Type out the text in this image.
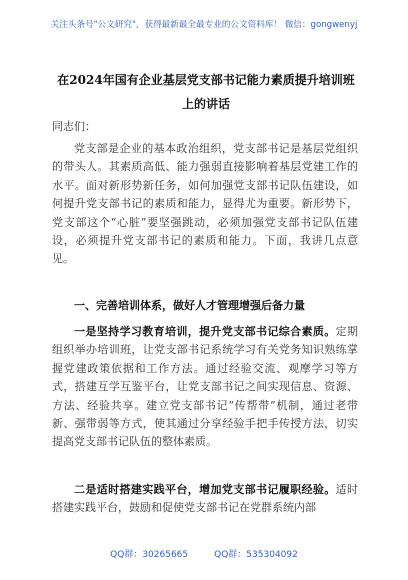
关注头条号"公文研究"，获得最新最全最专业的公文资料库！ 微信：gongwenyj
在2024年国有企业基层党支部书记能力素质提升培训班上的讲话
同志们：
党支部是企业的基本政治组织，党支部书记是基层党组织的带头人。其素质高低、能力强弱直接影响着基层党建工作的水平。面对新形势新任务，如何加强党支部书记队伍建设，如何提升党支部书记的素质和能力，显得尤为重要。新形势下，党支部这个“心脏”要坚强跳动，必须加强党支部书记队伍建设，必须提升党支部书记的素质和能力。下面，我讲几点意见。
一、完善培训体系，做好人才管理增强后备力量
一是坚持学习教育培训，提升党支部书记综合素质。定期组织举办培训班，让党支部书记系统学习有关党务知识熟练掌握党建政策依据和工作方法。通过经验交流、观摩学习等方式，搭建互学互鉴平台，让党支部书记之间实现信息、资源、方法、经验共享。建立党支部书记“传帮带”机制，通过老带新、强带弱等方式，使其通过分享经验手把手传授方法，切实提高党支部书记队伍的整体素质。
二是适时搭建实践平台，增加党支部书记履职经验。适时搭建实践平台，鼓励和促使党支部书记在党群系统内部
QQ群：30265665	QQ群：535304092
